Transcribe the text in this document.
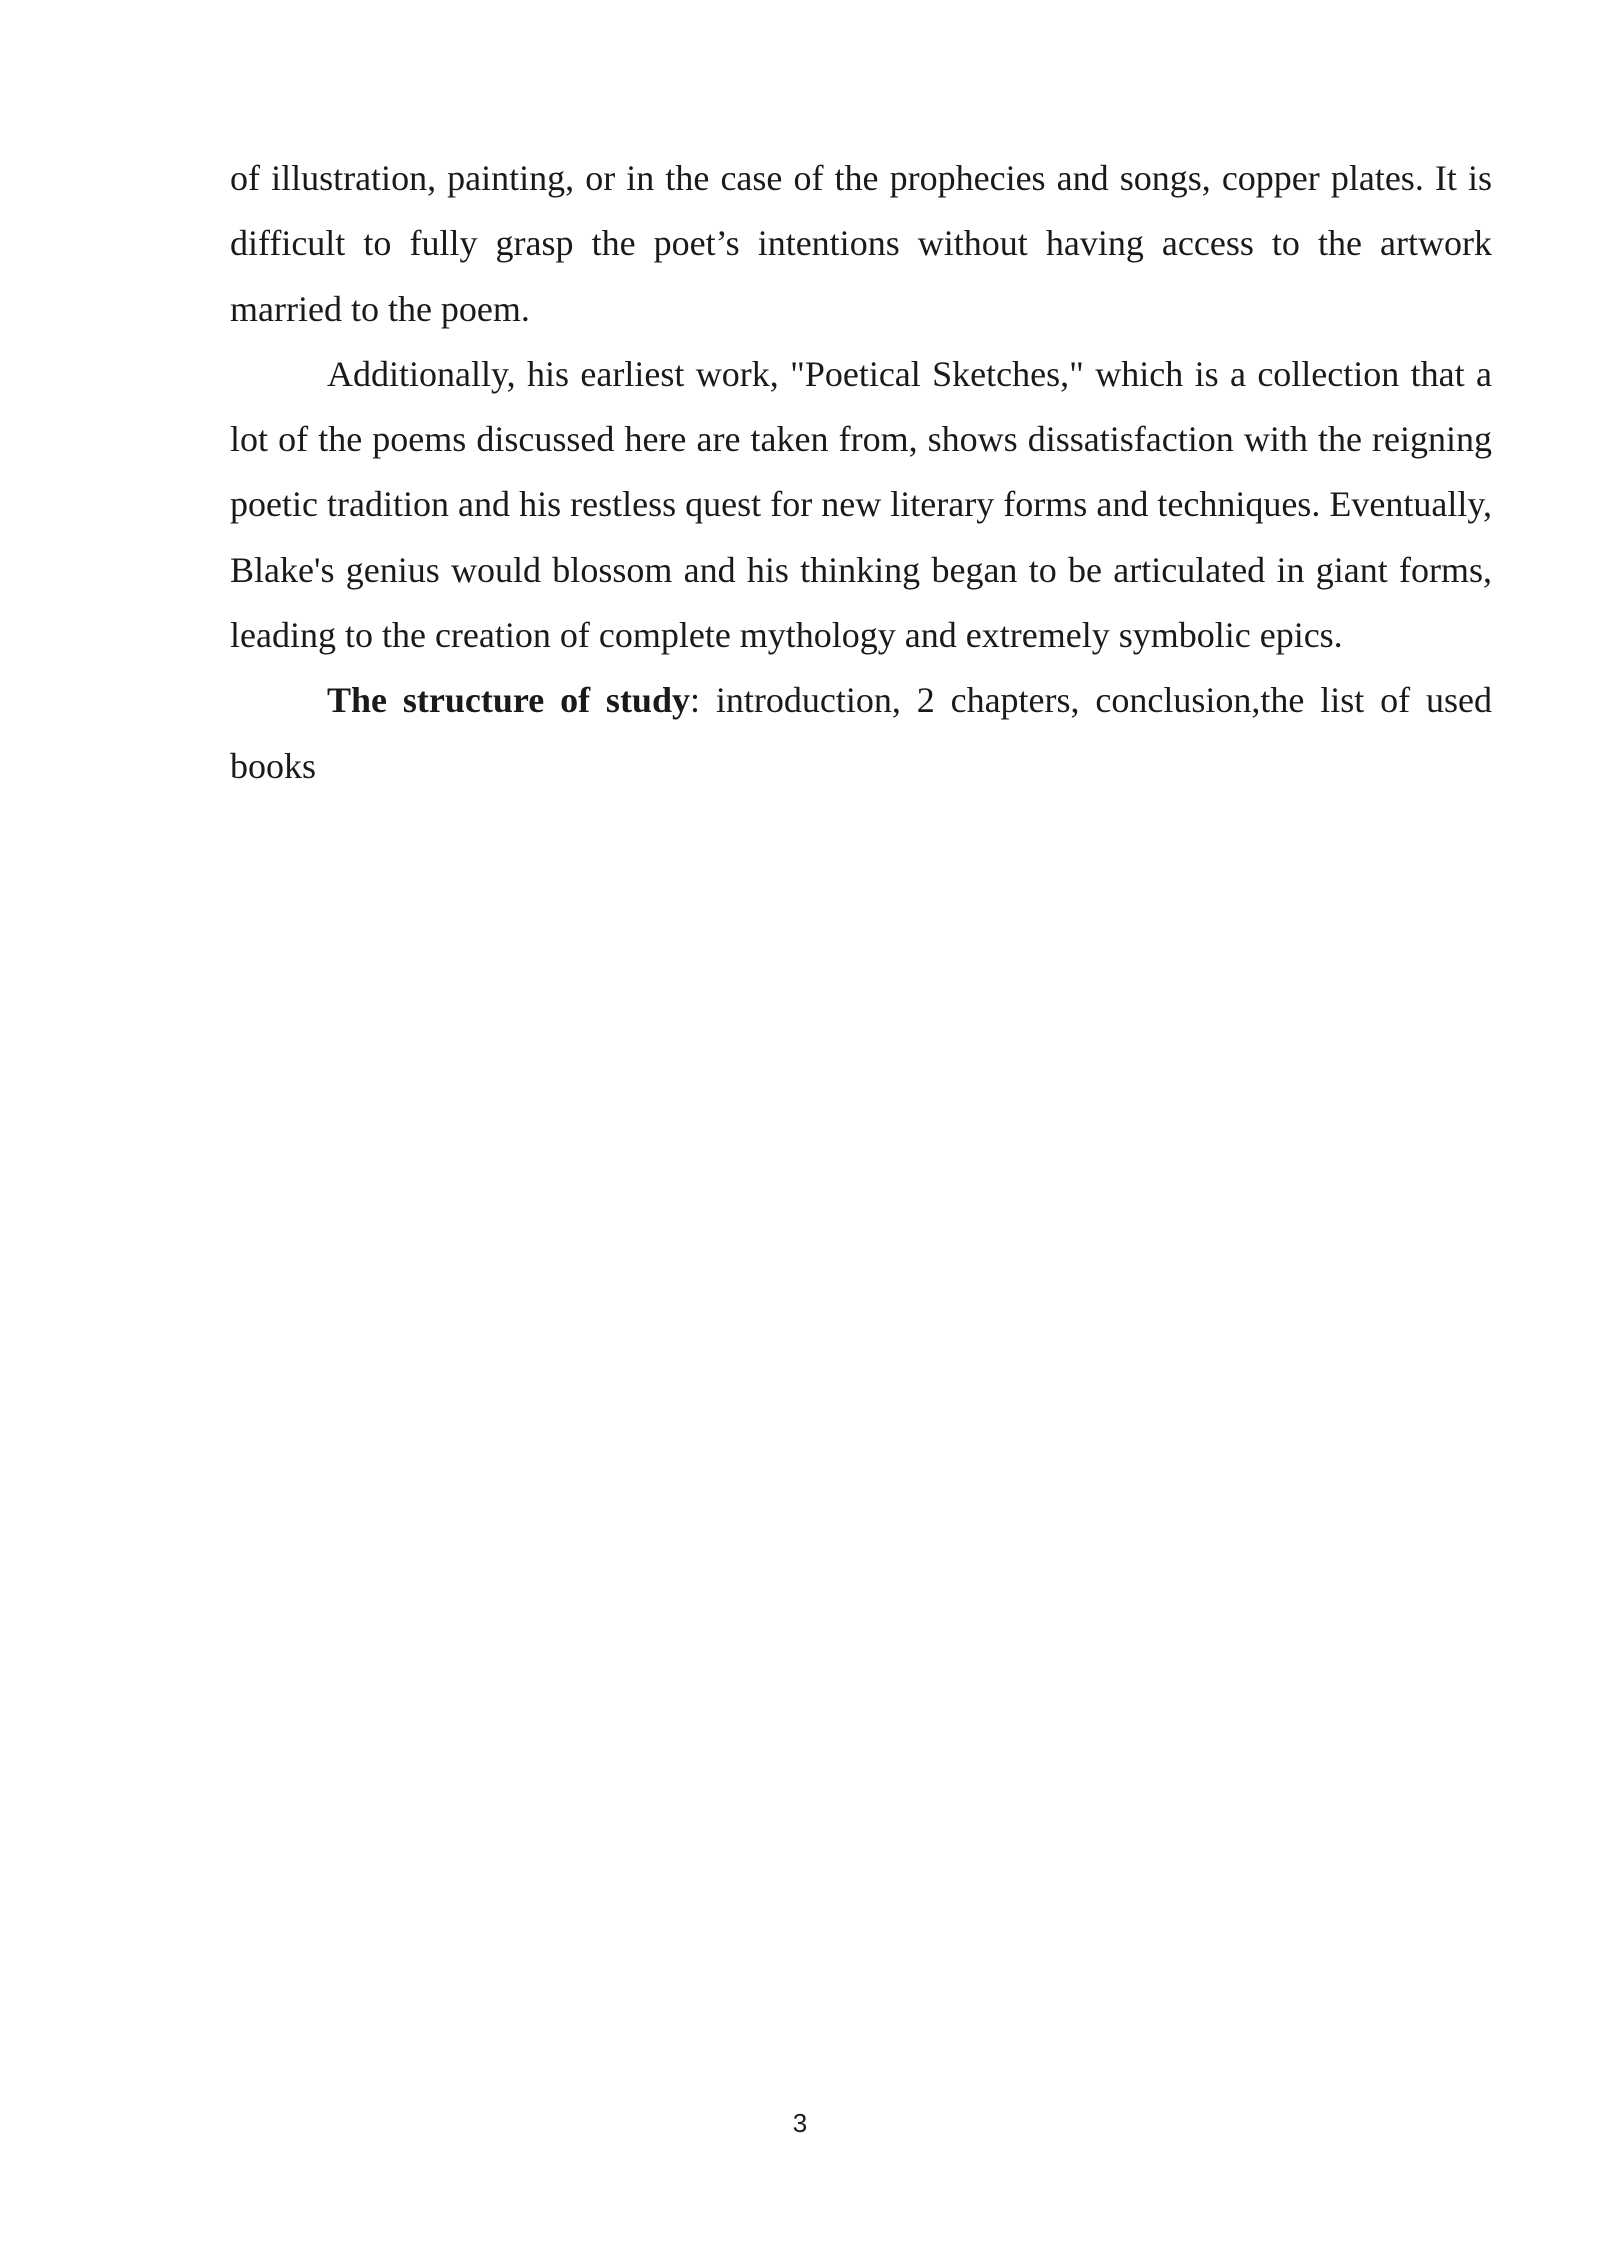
of illustration, painting, or in the case of the prophecies and songs, copper plates. It is difficult to fully grasp the poet’s intentions without having access to the artwork married to the poem.

Additionally, his earliest work, "Poetical Sketches," which is a collection that a lot of the poems discussed here are taken from, shows dissatisfaction with the reigning poetic tradition and his restless quest for new literary forms and techniques. Eventually, Blake's genius would blossom and his thinking began to be articulated in giant forms, leading to the creation of complete mythology and extremely symbolic epics.

The structure of study: introduction, 2 chapters, conclusion,the list of used books

3
